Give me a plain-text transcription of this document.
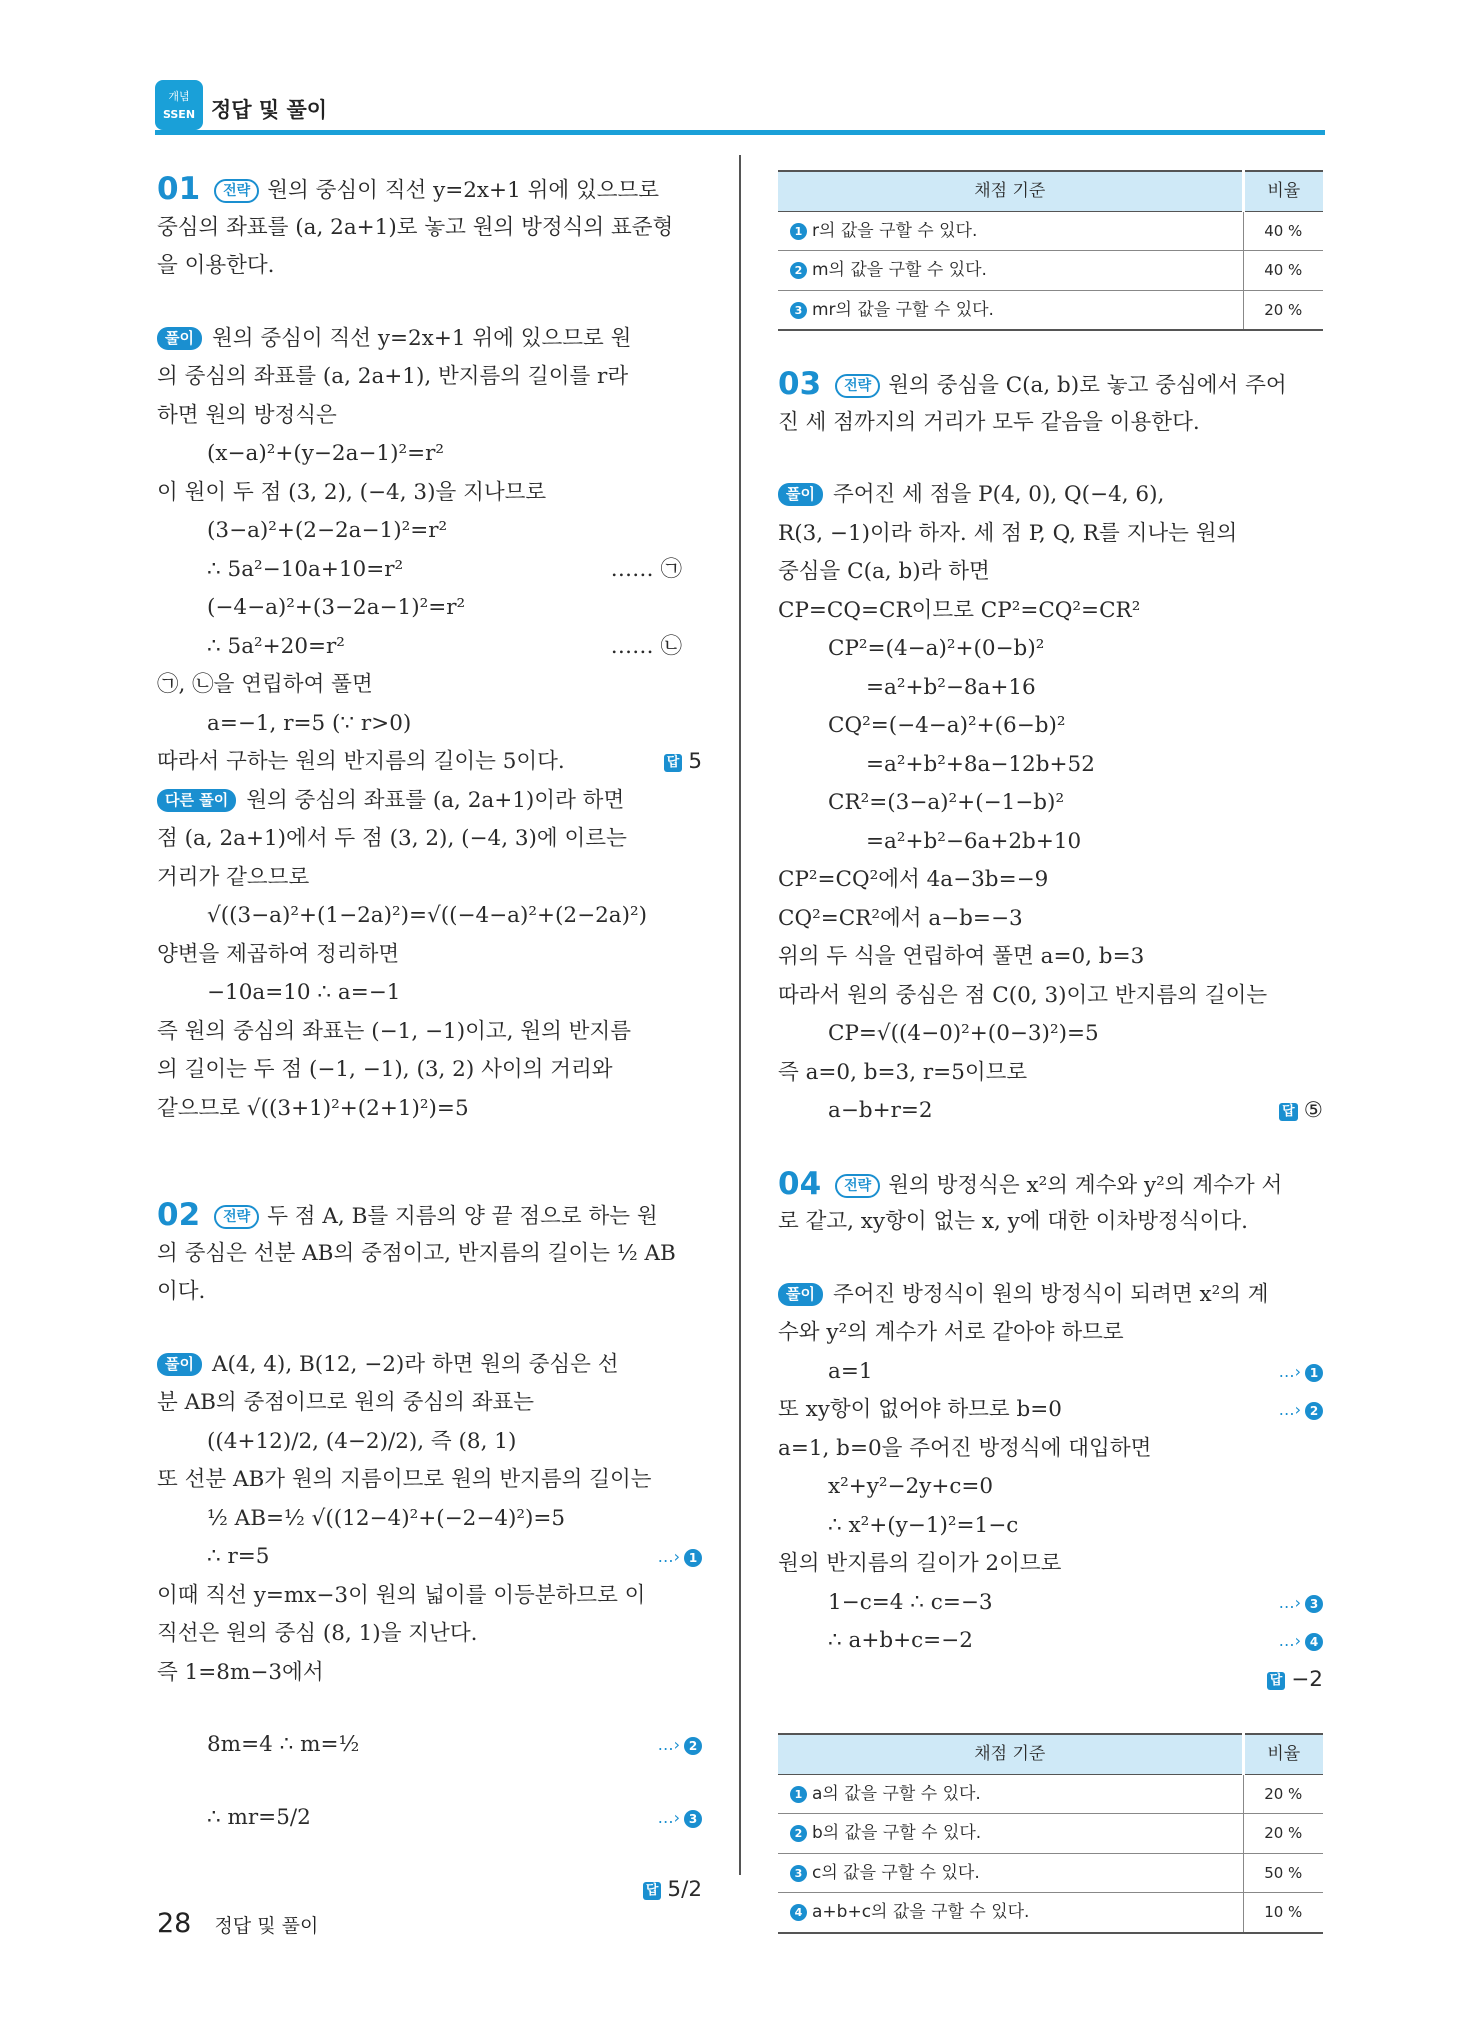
개념
SSEN 정답 및 풀이
01 전략 원의 중심이 직선 y=2x+1 위에 있으므로
중심의 좌표를 (a, 2a+1)로 놓고 원의 방정식의 표준형
을 이용한다.
풀이 원의 중심이 직선 y=2x+1 위에 있으므로 원
의 중심의 좌표를 (a, 2a+1), 반지름의 길이를 r라
하면 원의 방정식은
(x−a)²+(y−2a−1)²=r²
이 원이 두 점 (3, 2), (−4, 3)을 지나므로
(3−a)²+(2−2a−1)²=r²
∴ 5a²−10a+10=r²	…… ㉠
(−4−a)²+(3−2a−1)²=r²
∴ 5a²+20=r²	…… ㉡
㉠, ㉡을 연립하여 풀면
a=−1, r=5 (∵ r>0)
따라서 구하는 원의 반지름의 길이는 5이다.	답 5
다른 풀이 원의 중심의 좌표를 (a, 2a+1)이라 하면
점 (a, 2a+1)에서 두 점 (3, 2), (−4, 3)에 이르는
거리가 같으므로
√((3−a)²+(1−2a)²)=√((−4−a)²+(2−2a)²)
양변을 제곱하여 정리하면
−10a=10 ∴ a=−1
즉 원의 중심의 좌표는 (−1, −1)이고, 원의 반지름
의 길이는 두 점 (−1, −1), (3, 2) 사이의 거리와
같으므로 √((3+1)²+(2+1)²)=5
02 전략 두 점 A, B를 지름의 양 끝 점으로 하는 원
의 중심은 선분 AB의 중점이고, 반지름의 길이는 ½ AB
이다.
풀이 A(4, 4), B(12, −2)라 하면 원의 중심은 선
분 AB의 중점이므로 원의 중심의 좌표는
((4+12)/2, (4−2)/2), 즉 (8, 1)
또 선분 AB가 원의 지름이므로 원의 반지름의 길이는
½ AB=½ √((12−4)²+(−2−4)²)=5
∴ r=5	…› 1
이때 직선 y=mx−3이 원의 넓이를 이등분하므로 이
직선은 원의 중심 (8, 1)을 지난다.
즉 1=8m−3에서
8m=4 ∴ m=½	…› 2
∴ mr=5/2	…› 3
답 5/2
채점 기준	비율
1 r의 값을 구할 수 있다.	40 %
2 m의 값을 구할 수 있다.	40 %
3 mr의 값을 구할 수 있다.	20 %
03 전략 원의 중심을 C(a, b)로 놓고 중심에서 주어
진 세 점까지의 거리가 모두 같음을 이용한다.
풀이 주어진 세 점을 P(4, 0), Q(−4, 6),
R(3, −1)이라 하자. 세 점 P, Q, R를 지나는 원의
중심을 C(a, b)라 하면
CP=CQ=CR이므로 CP²=CQ²=CR²
CP²=(4−a)²+(0−b)²
=a²+b²−8a+16
CQ²=(−4−a)²+(6−b)²
=a²+b²+8a−12b+52
CR²=(3−a)²+(−1−b)²
=a²+b²−6a+2b+10
CP²=CQ²에서 4a−3b=−9
CQ²=CR²에서 a−b=−3
위의 두 식을 연립하여 풀면 a=0, b=3
따라서 원의 중심은 점 C(0, 3)이고 반지름의 길이는
CP=√((4−0)²+(0−3)²)=5
즉 a=0, b=3, r=5이므로
a−b+r=2	답 ⑤
04 전략 원의 방정식은 x²의 계수와 y²의 계수가 서
로 같고, xy항이 없는 x, y에 대한 이차방정식이다.
풀이 주어진 방정식이 원의 방정식이 되려면 x²의 계
수와 y²의 계수가 서로 같아야 하므로
a=1	…› 1
또 xy항이 없어야 하므로 b=0	…› 2
a=1, b=0을 주어진 방정식에 대입하면
x²+y²−2y+c=0
∴ x²+(y−1)²=1−c
원의 반지름의 길이가 2이므로
1−c=4 ∴ c=−3	…› 3
∴ a+b+c=−2	…› 4
답 −2
채점 기준	비율
1 a의 값을 구할 수 있다.	20 %
2 b의 값을 구할 수 있다.	20 %
3 c의 값을 구할 수 있다.	50 %
4 a+b+c의 값을 구할 수 있다.	10 %
28 정답 및 풀이
